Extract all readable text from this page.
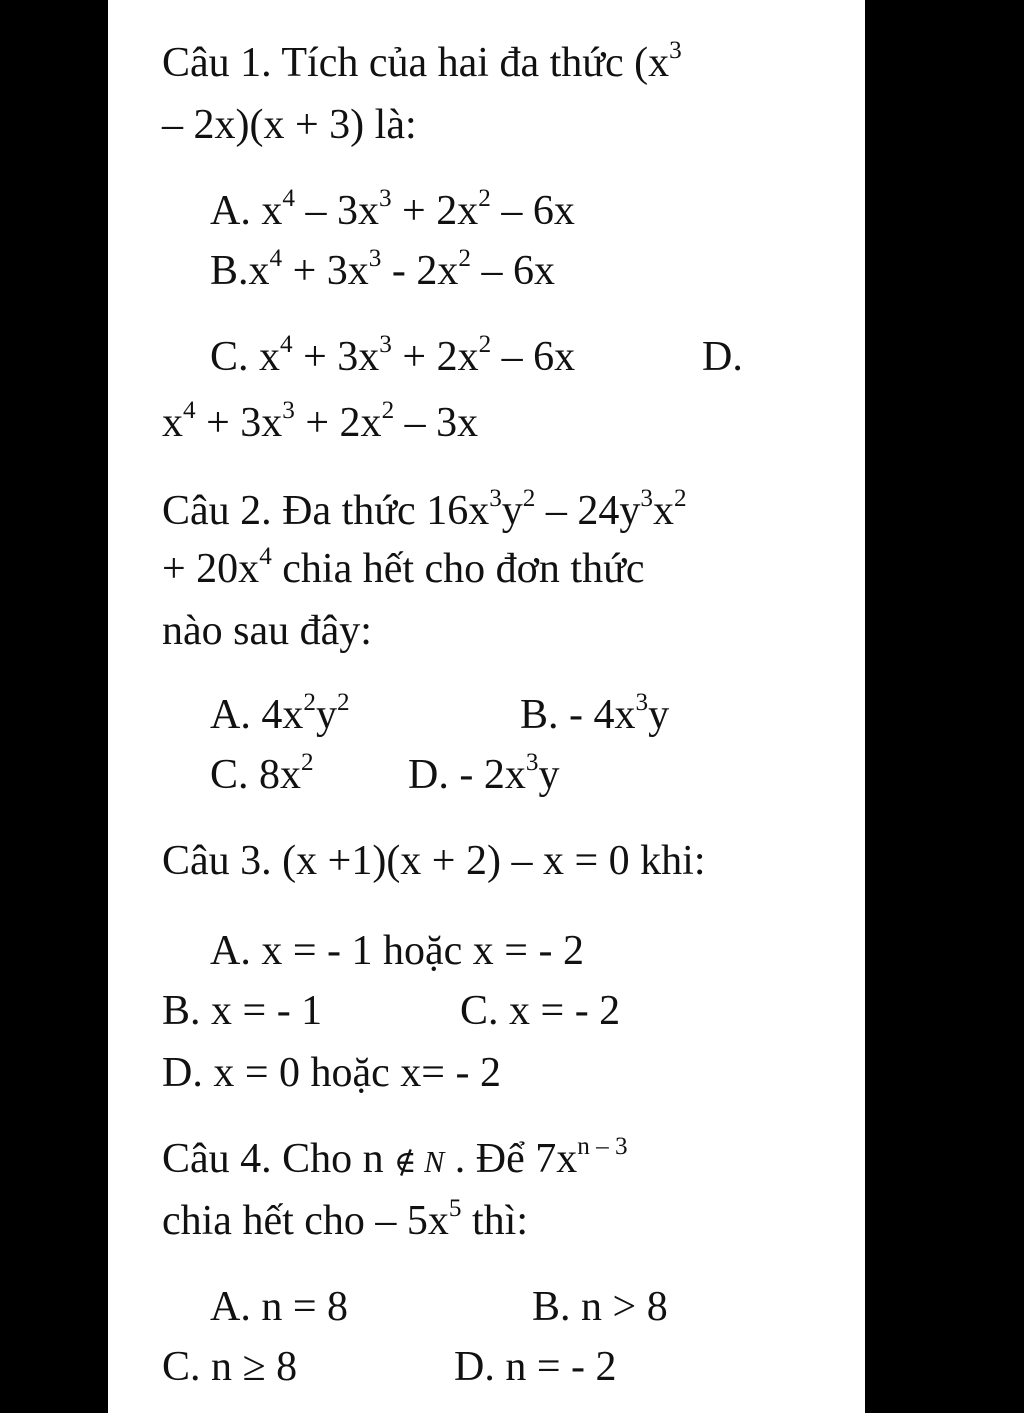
Câu 1. Tích của hai đa thức ($x^3$
– 2x)(x + 3) là:
A. $x^4 - 3x^3 + 2x^2 - 6x$
$B.x^4 + 3x^3 - 2x^2 - 6x$
C. $x^4 + 3x^3 + 2x^2 - 6x$	D.
$x^4 + 3x^3 + 2x^2 - 3x$
Câu 2. Đa thức $16x^3y^2 - 24y^3x^2$
+ $20x^4$ chia hết cho đơn thức
nào sau đây:
A. $4x^2y^2$	B. - $4x^3y$
C. $8x^2$ D. - $2x^3y$
Câu 3. (x +1)(x + 2) – x = 0 khi:
A. x = - 1 hoặc x = - 2
B. x = - 1	C. x = - 2
D. x = 0 hoặc x= - 2
Câu 4. Cho n ∉ N . Để $7x^{n - 3}$
chia hết cho – $5x^5$ thì:
A. n = 8	B. n > 8
C. n ≥ 8	D. n = - 2
